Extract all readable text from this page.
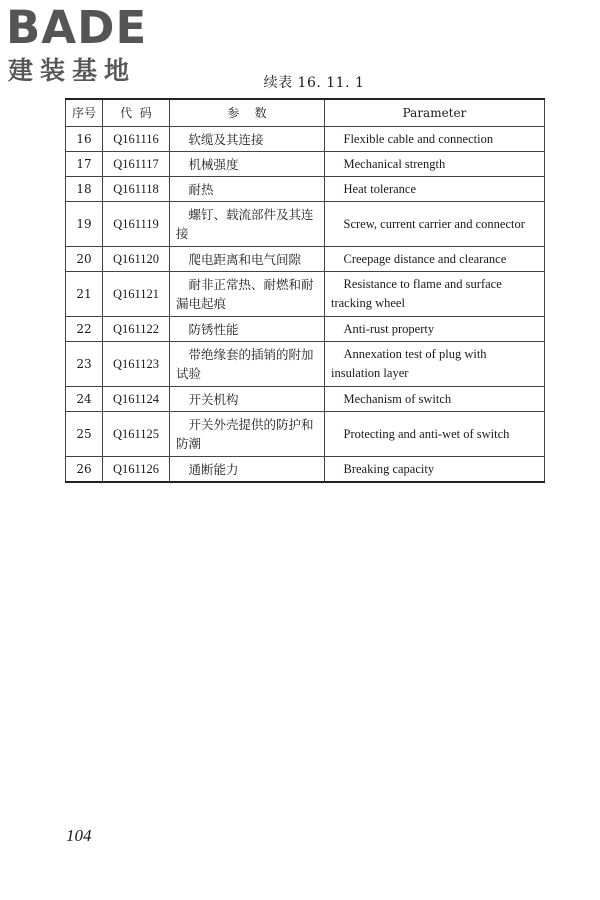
BADE
建装基地	续表 16. 11. 1
序号	代  码	参    数	Parameter
16	Q161116	软缆及其连接	Flexible cable and connection

17	Q161117	机械强度	Mechanical strength

18	Q161118	耐热	Heat tolerance

19	Q161119	螺钉、载流部件及其连接	Screw, current carrier and connector

20	Q161120	爬电距离和电气间隙	Creepage distance and clearance

21	Q161121	耐非正常热、耐燃和耐漏电起痕	Resistance to flame and surface tracking wheel

22	Q161122	防锈性能	Anti-rust property

23	Q161123	带绝缘套的插销的附加试验	Annexation test of plug with insulation layer

24	Q161124	开关机构	Mechanism of switch

25	Q161125	开关外壳提供的防护和防潮	Protecting and anti-wet of switch

26	Q161126	通断能力	Breaking capacity
104
